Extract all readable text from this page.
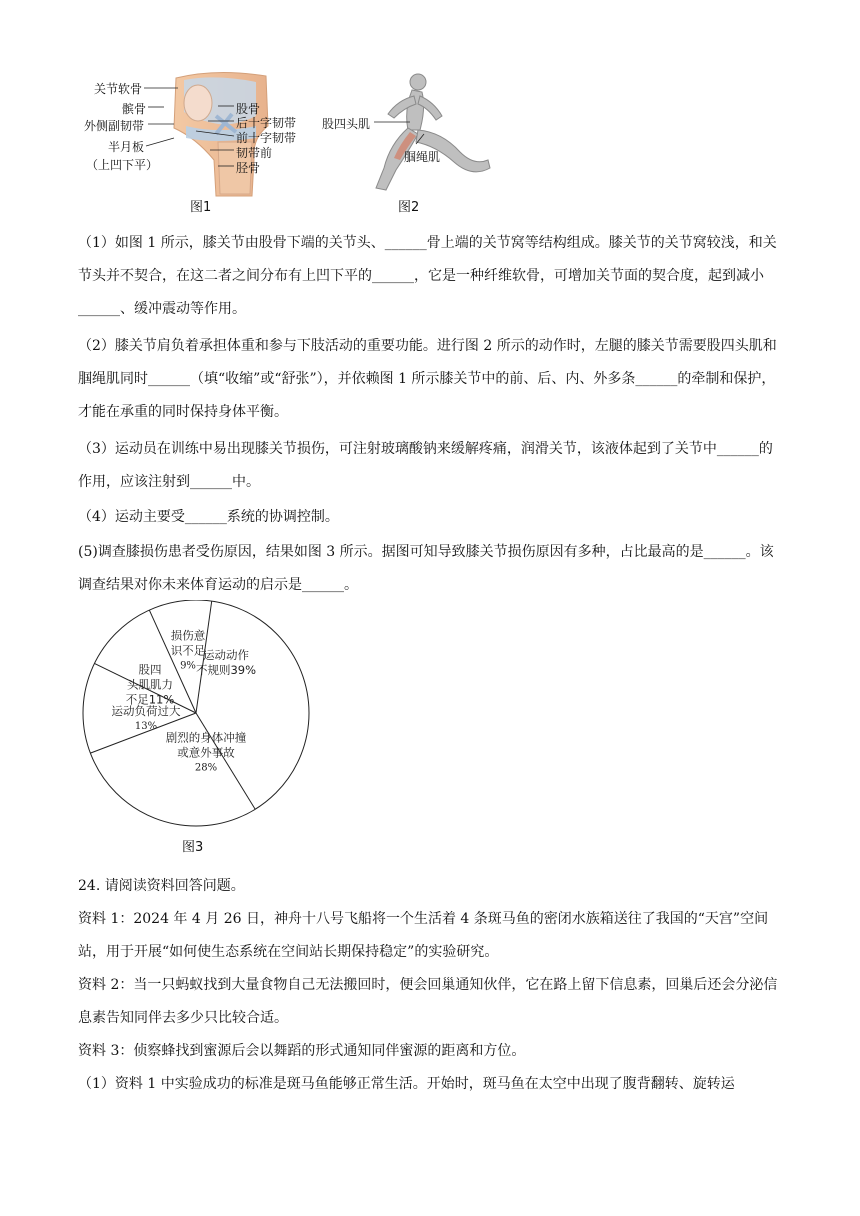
关节软骨
髌骨
外侧副韧带
半月板
（上凹下平）
股骨
后十字韧带
前十字韧带
韧带前
胫骨
图1
股四头肌
腘绳肌
图2

（1）如图 1 所示，膝关节由股骨下端的关节头、______骨上端的关节窝等结构组成。膝关节的关节窝较浅，和关节头并不契合，在这二者之间分布有上凹下平的______，它是一种纤维软骨，可增加关节面的契合度，起到减小______、缓冲震动等作用。

（2）膝关节肩负着承担体重和参与下肢活动的重要功能。进行图 2 所示的动作时，左腿的膝关节需要股四头肌和腘绳肌同时______（填“收缩”或“舒张”），并依赖图 1 所示膝关节中的前、后、内、外多条______的牵制和保护，才能在承重的同时保持身体平衡。

（3）运动员在训练中易出现膝关节损伤，可注射玻璃酸钠来缓解疼痛，润滑关节，该液体起到了关节中______的作用，应该注射到______中。

（4）运动主要受______系统的协调控制。

(5)调查膝损伤患者受伤原因，结果如图 3 所示。据图可知导致膝关节损伤原因有多种，占比最高的是______。该调查结果对你未来体育运动的启示是______。

运动动作
不规则39%
剧烈的身体冲撞
或意外事故
28%
运动负荷过大
13%
股四
头肌肌力
不足11%
损伤意
识不足
9%
图3

24. 请阅读资料回答问题。

资料 1：2024 年 4 月 26 日，神舟十八号飞船将一个生活着 4 条斑马鱼的密闭水族箱送往了我国的“天宫”空间站，用于开展“如何使生态系统在空间站长期保持稳定”的实验研究。

资料 2：当一只蚂蚁找到大量食物自己无法搬回时，便会回巢通知伙伴，它在路上留下信息素，回巢后还会分泌信息素告知同伴去多少只比较合适。

资料 3：侦察蜂找到蜜源后会以舞蹈的形式通知同伴蜜源的距离和方位。

（1）资料 1 中实验成功的标准是斑马鱼能够正常生活。开始时，斑马鱼在太空中出现了腹背翻转、旋转运
